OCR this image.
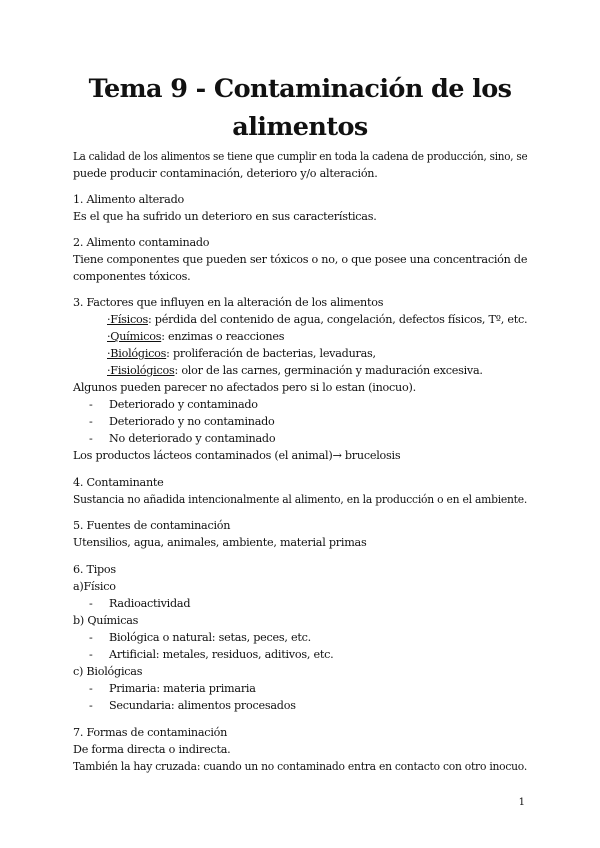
Tema 9 - Contaminación de los
alimentos
La calidad de los alimentos se tiene que cumplir en toda la cadena de producción, sino, se
puede producir contaminación, deterioro y/o alteración.
1. Alimento alterado
Es el que ha sufrido un deterioro en sus características.
2. Alimento contaminado
Tiene componentes que pueden ser tóxicos o no, o que posee una concentración de
componentes tóxicos.
3. Factores que influyen en la alteración de los alimentos
·Físicos: pérdida del contenido de agua, congelación, defectos físicos, Tº, etc.
·Químicos: enzimas o reacciones
·Biológicos: proliferación de bacterias, levaduras,
·Fisiológicos: olor de las carnes, germinación y maduración excesiva.
Algunos pueden parecer no afectados pero si lo estan (inocuo).
- Deteriorado y contaminado
- Deteriorado y no contaminado
- No deteriorado y contaminado
Los productos lácteos contaminados (el animal)→ brucelosis
4. Contaminante
Sustancia no añadida intencionalmente al alimento, en la producción o en el ambiente.
5. Fuentes de contaminación
Utensilios, agua, animales, ambiente, material primas
6. Tipos
a)Físico
- Radioactividad
b) Químicas
- Biológica o natural: setas, peces, etc.
- Artificial: metales, residuos, aditivos, etc.
c) Biológicas
- Primaria: materia primaria
- Secundaria: alimentos procesados
7. Formas de contaminación
De forma directa o indirecta.
También la hay cruzada: cuando un no contaminado entra en contacto con otro inocuo.
1
